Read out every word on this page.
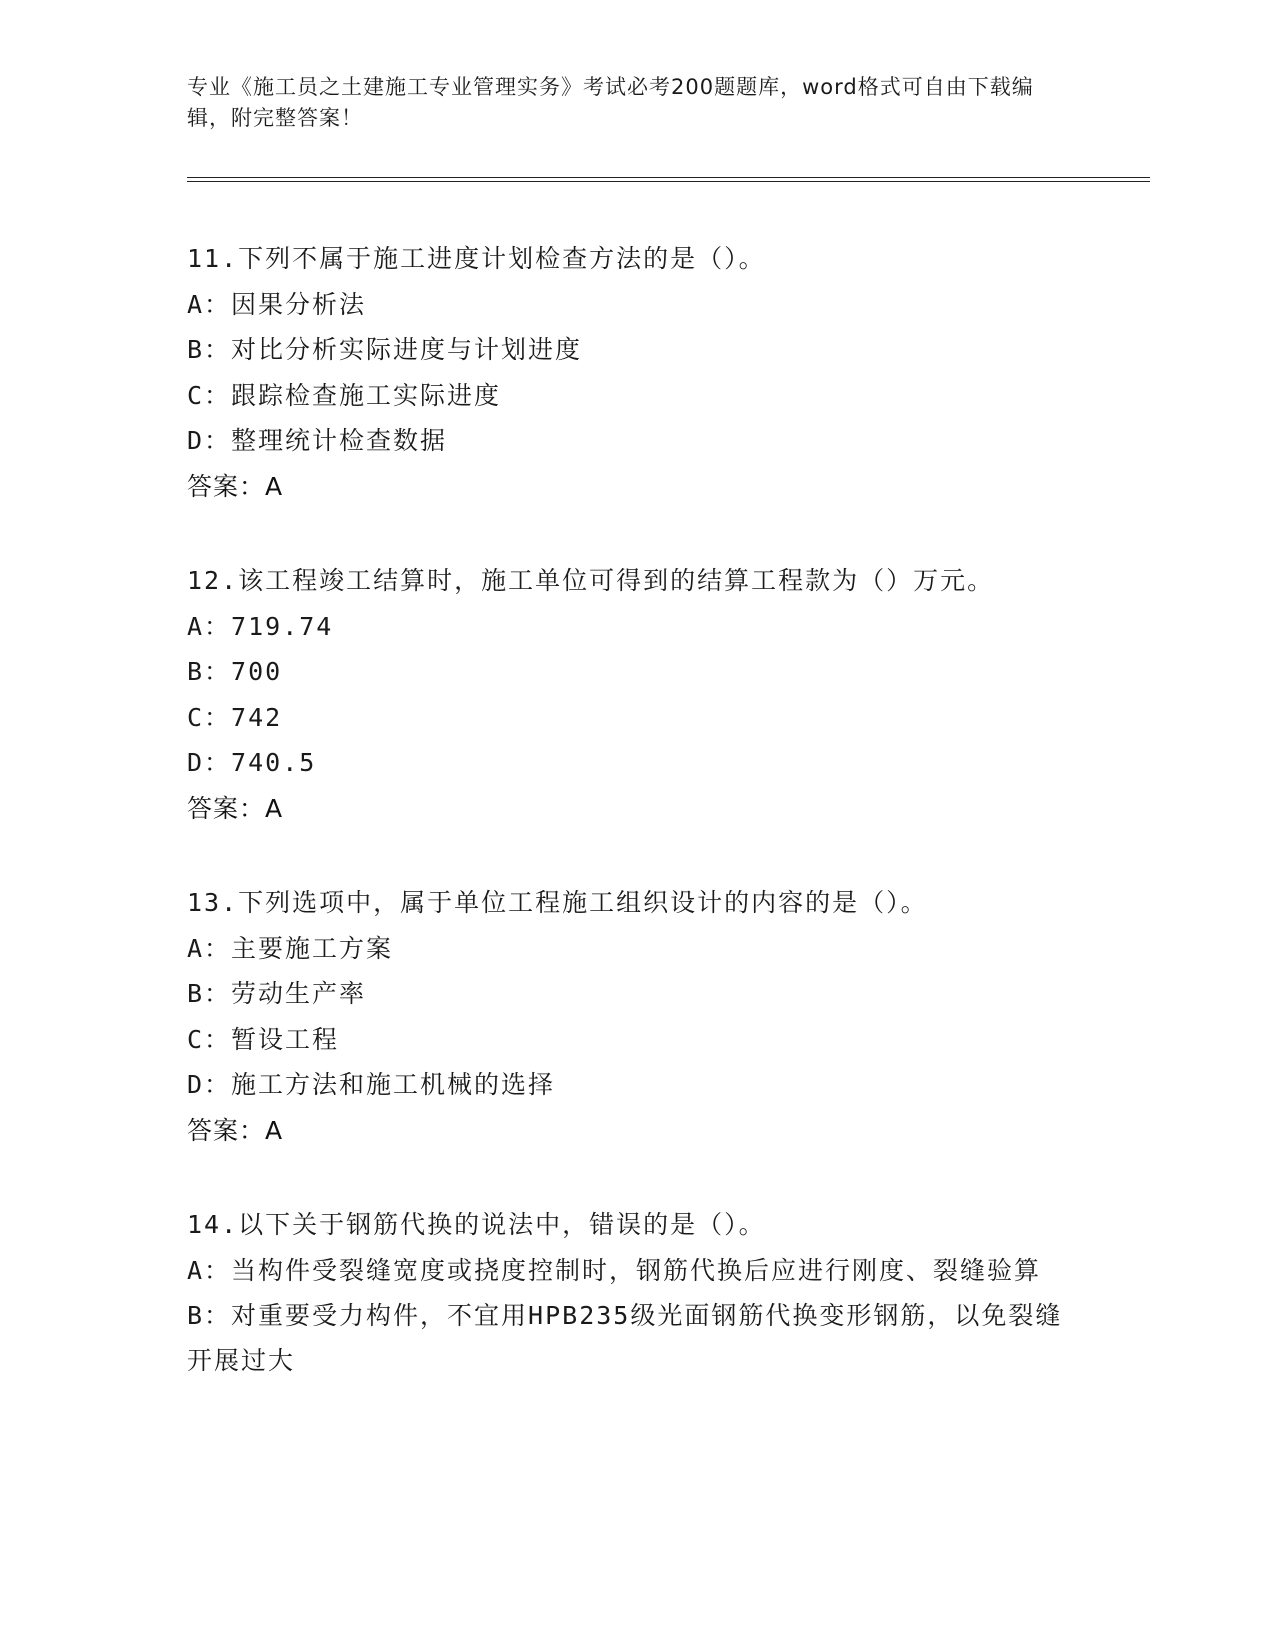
专业《施工员之土建施工专业管理实务》考试必考200题题库，word格式可自由下载编辑，附完整答案！
11.下列不属于施工进度计划检查方法的是（）。
A：因果分析法
B：对比分析实际进度与计划进度
C：跟踪检查施工实际进度
D：整理统计检查数据
答案：A
12.该工程竣工结算时，施工单位可得到的结算工程款为（）万元。
A：719.74
B：700
C：742
D：740.5
答案：A
13.下列选项中，属于单位工程施工组织设计的内容的是（）。
A：主要施工方案
B：劳动生产率
C：暂设工程
D：施工方法和施工机械的选择
答案：A
14.以下关于钢筋代换的说法中，错误的是（）。
A：当构件受裂缝宽度或挠度控制时，钢筋代换后应进行刚度、裂缝验算
B：对重要受力构件，不宜用HPB235级光面钢筋代换变形钢筋，以免裂缝开展过大
